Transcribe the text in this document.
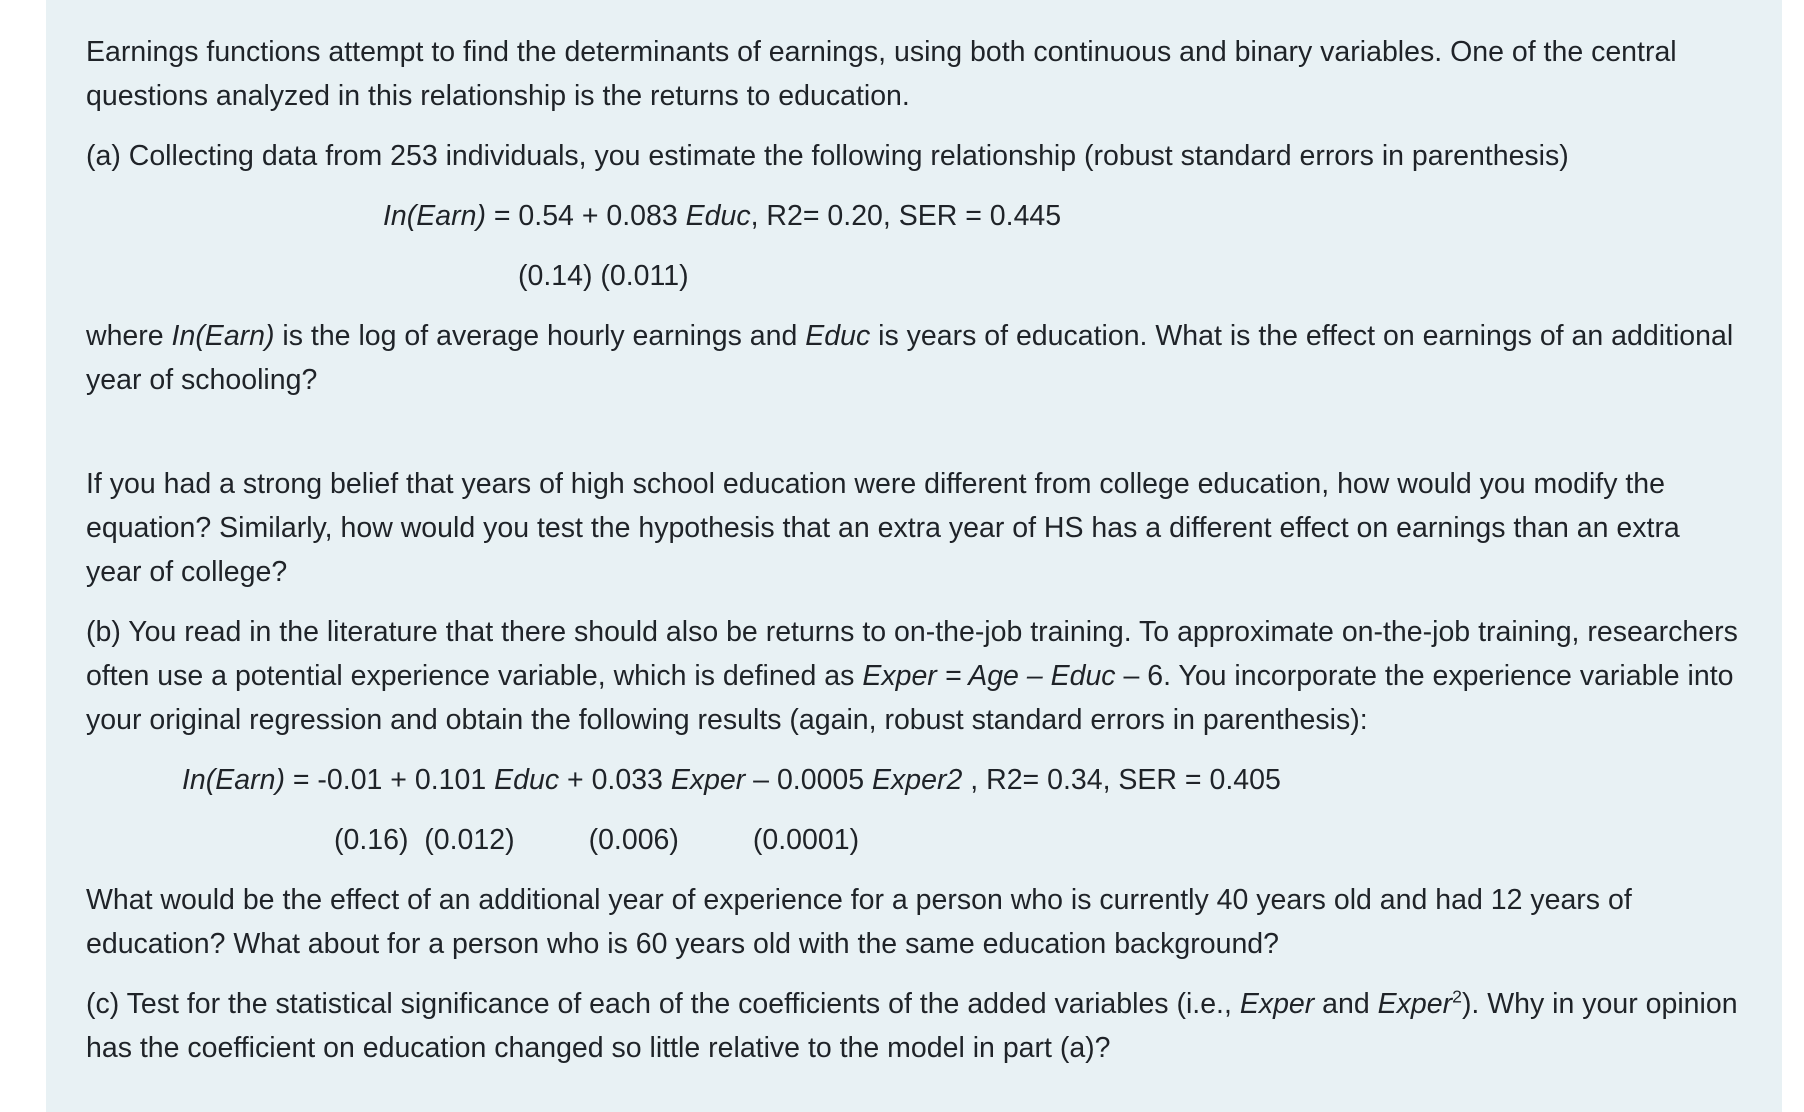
Earnings functions attempt to find the determinants of earnings, using both continuous and binary variables. One of the central questions analyzed in this relationship is the returns to education.

(a) Collecting data from 253 individuals, you estimate the following relationship (robust standard errors in parenthesis)

In(Earn) = 0.54 + 0.083 Educ, R2= 0.20, SER = 0.445
(0.14) (0.011)

where In(Earn) is the log of average hourly earnings and Educ is years of education. What is the effect on earnings of an additional year of schooling?

If you had a strong belief that years of high school education were different from college education, how would you modify the equation? Similarly, how would you test the hypothesis that an extra year of HS has a different effect on earnings than an extra year of college?

(b) You read in the literature that there should also be returns to on-the-job training. To approximate on-the-job training, researchers often use a potential experience variable, which is defined as Exper = Age – Educ – 6. You incorporate the experience variable into your original regression and obtain the following results (again, robust standard errors in parenthesis):

In(Earn) = -0.01 + 0.101 Educ + 0.033 Exper – 0.0005 Exper2 , R2= 0.34, SER = 0.405
(0.16)  (0.012)	(0.006)	(0.0001)

What would be the effect of an additional year of experience for a person who is currently 40 years old and had 12 years of education? What about for a person who is 60 years old with the same education background?

(c) Test for the statistical significance of each of the coefficients of the added variables (i.e., Exper and Exper$^2$). Why in your opinion has the coefficient on education changed so little relative to the model in part (a)?
